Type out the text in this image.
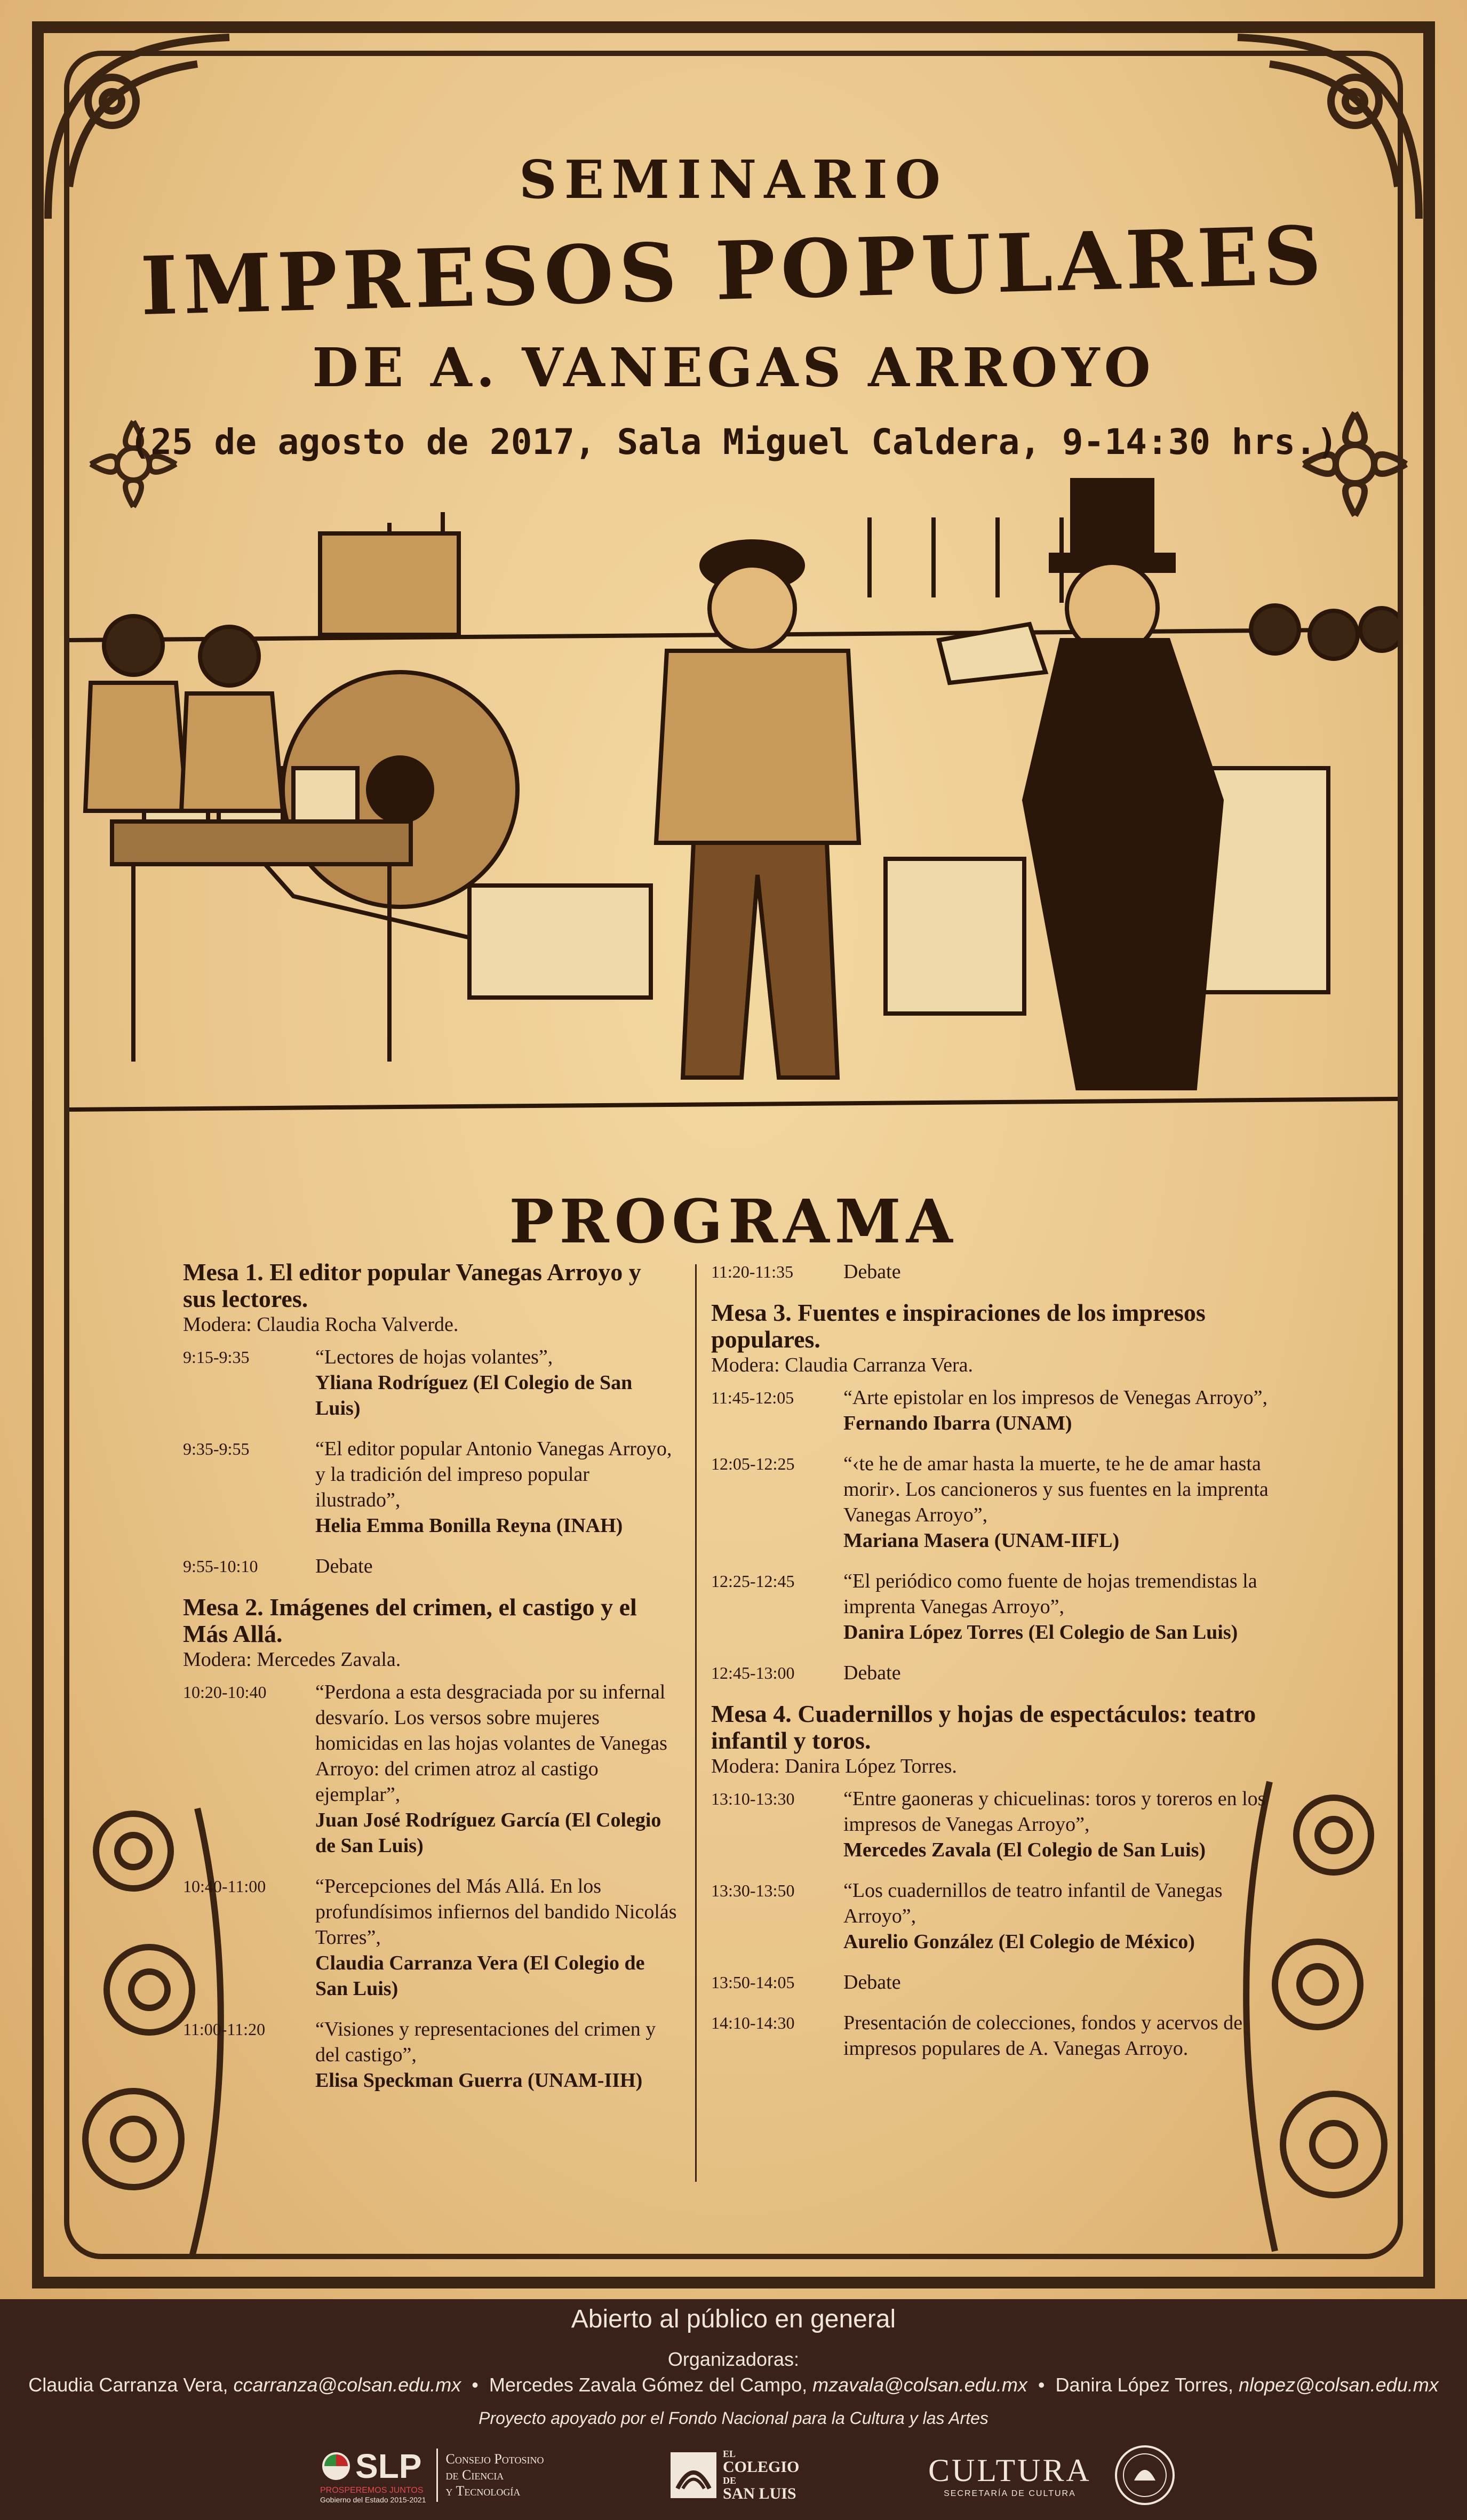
SEMINARIO
IMPRESOS POPULARES
DE A. VANEGAS ARROYO
(25 de agosto de 2017, Sala Miguel Caldera, 9-14:30 hrs.)
PROGRAMA

Mesa 1. El editor popular Vanegas Arroyo y sus lectores.

Modera: Claudia Rocha Valverde.

9:15-9:35	“Lectores de hojas volantes”,
Yliana Rodríguez (El Colegio de San Luis)
9:35-9:55	“El editor popular Antonio Vanegas Arroyo, y la tradición del impreso popular ilustrado”,
Helia Emma Bonilla Reyna (INAH)
9:55-10:10	Debate

Mesa 2. Imágenes del crimen, el castigo y el Más Allá.

Modera: Mercedes Zavala.

10:20-10:40	“Perdona a esta desgraciada por su infernal desvarío. Los versos sobre mujeres homicidas en las hojas volantes de Vanegas Arroyo: del crimen atroz al castigo ejemplar”,
Juan José Rodríguez García (El Colegio de San Luis)
10:40-11:00	“Percepciones del Más Allá. En los profundísimos infiernos del bandido Nicolás Torres”,
Claudia Carranza Vera (El Colegio de San Luis)
11:00-11:20	“Visiones y representaciones del crimen y del castigo”,
Elisa Speckman Guerra (UNAM-IIH)
11:20-11:35	Debate

Mesa 3. Fuentes e inspiraciones de los impresos populares.

Modera: Claudia Carranza Vera.

11:45-12:05	“Arte epistolar en los impresos de Venegas Arroyo”,
Fernando Ibarra (UNAM)
12:05-12:25	“‹te he de amar hasta la muerte, te he de amar hasta morir›. Los cancioneros y sus fuentes en la imprenta Vanegas Arroyo”,
Mariana Masera (UNAM-IIFL)
12:25-12:45	“El periódico como fuente de hojas tremendistas la imprenta Vanegas Arroyo”,
Danira López Torres (El Colegio de San Luis)
12:45-13:00	Debate

Mesa 4. Cuadernillos y hojas de espectáculos: teatro infantil y toros.

Modera: Danira López Torres.

13:10-13:30	“Entre gaoneras y chicuelinas: toros y toreros en los impresos de Vanegas Arroyo”,
Mercedes Zavala (El Colegio de San Luis)
13:30-13:50	“Los cuadernillos de teatro infantil de Vanegas Arroyo”,
Aurelio González (El Colegio de México)
13:50-14:05	Debate
14:10-14:30	Presentación de colecciones, fondos y acervos de impresos populares de A. Vanegas Arroyo.
Abierto al público en general
Organizadoras:
Claudia Carranza Vera, ccarranza@colsan.edu.mx  •  Mercedes Zavala Gómez del Campo, mzavala@colsan.edu.mx  •  Danira López Torres, nlopez@colsan.edu.mx
Proyecto apoyado por el Fondo Nacional para la Cultura y las Artes
SLP
PROSPEREMOS JUNTOS
Gobierno del Estado 2015-2021
Consejo Potosino
de Ciencia
y Tecnología
EL
COLEGIO
DE
SAN LUIS
CULTURA
SECRETARÍA DE CULTURA
